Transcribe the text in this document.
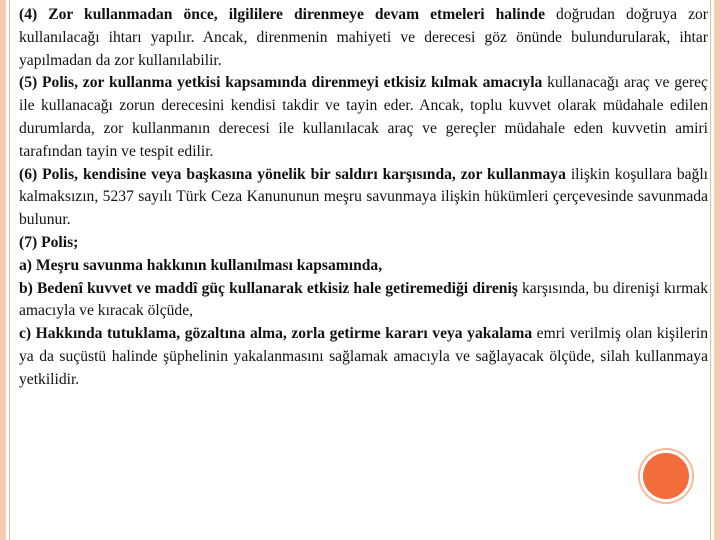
(4) Zor kullanmadan önce, ilgililere direnmeye devam etmeleri halinde doğrudan doğruya zor kullanılacağı ihtarı yapılır. Ancak, direnmenin mahiyeti ve derecesi göz önünde bulundurularak, ihtar yapılmadan da zor kullanılabilir.

(5) Polis, zor kullanma yetkisi kapsamında direnmeyi etkisiz kılmak amacıyla kullanacağı araç ve gereç ile kullanacağı zorun derecesini kendisi takdir ve tayin eder. Ancak, toplu kuvvet olarak müdahale edilen durumlarda, zor kullanmanın derecesi ile kullanılacak araç ve gereçler müdahale eden kuvvetin amiri tarafından tayin ve tespit edilir.

(6) Polis, kendisine veya başkasına yönelik bir saldırı karşısında, zor kullanmaya ilişkin koşullara bağlı kalmaksızın, 5237 sayılı Türk Ceza Kanununun meşru savunmaya ilişkin hükümleri çerçevesinde savunmada bulunur.

(7) Polis;

a) Meşru savunma hakkının kullanılması kapsamında,

b) Bedenî kuvvet ve maddî güç kullanarak etkisiz hale getiremediği direniş karşısında, bu direnişi kırmak amacıyla ve kıracak ölçüde,

c) Hakkında tutuklama, gözaltına alma, zorla getirme kararı veya yakalama emri verilmiş olan kişilerin ya da suçüstü halinde şüphelinin yakalanmasını sağlamak amacıyla ve sağlayacak ölçüde, silah kullanmaya yetkilidir.
